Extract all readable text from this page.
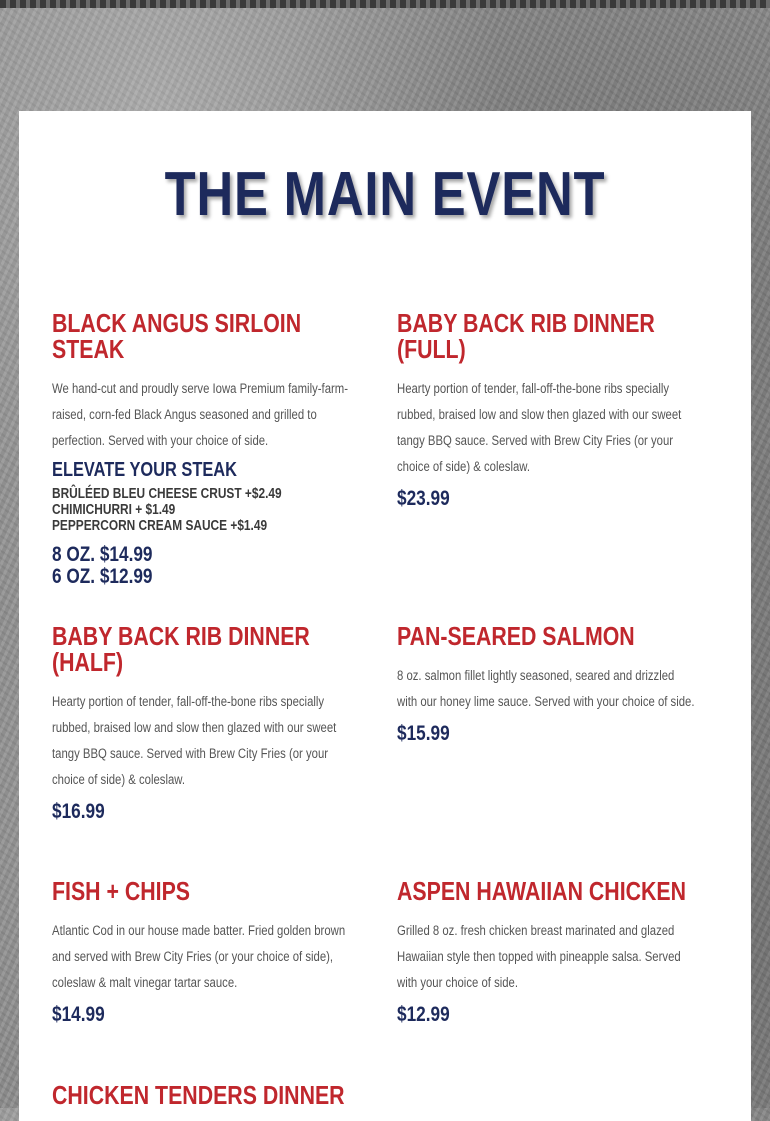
THE MAIN EVENT
BLACK ANGUS SIRLOIN STEAK
We hand-cut and proudly serve Iowa Premium family-farm-
raised, corn-fed Black Angus seasoned and grilled to
perfection. Served with your choice of side.
ELEVATE YOUR STEAK
BRÛLÉED BLEU CHEESE CRUST +$2.49
CHIMICHURRI + $1.49
PEPPERCORN CREAM SAUCE +$1.49
8 OZ. $14.99
6 OZ. $12.99
BABY BACK RIB DINNER
(FULL)
Hearty portion of tender, fall-off-the-bone ribs specially
rubbed, braised low and slow then glazed with our sweet
tangy BBQ sauce. Served with Brew City Fries (or your
choice of side) & coleslaw.
$23.99
BABY BACK RIB DINNER
(HALF)
Hearty portion of tender, fall-off-the-bone ribs specially
rubbed, braised low and slow then glazed with our sweet
tangy BBQ sauce. Served with Brew City Fries (or your
choice of side) & coleslaw.
$16.99
PAN-SEARED SALMON
8 oz. salmon fillet lightly seasoned, seared and drizzled
with our honey lime sauce. Served with your choice of side.
$15.99
FISH + CHIPS
Atlantic Cod in our house made batter. Fried golden brown
and served with Brew City Fries (or your choice of side),
coleslaw & malt vinegar tartar sauce.
$14.99
ASPEN HAWAIIAN CHICKEN
Grilled 8 oz. fresh chicken breast marinated and glazed
Hawaiian style then topped with pineapple salsa. Served
with your choice of side.
$12.99
CHICKEN TENDERS DINNER
